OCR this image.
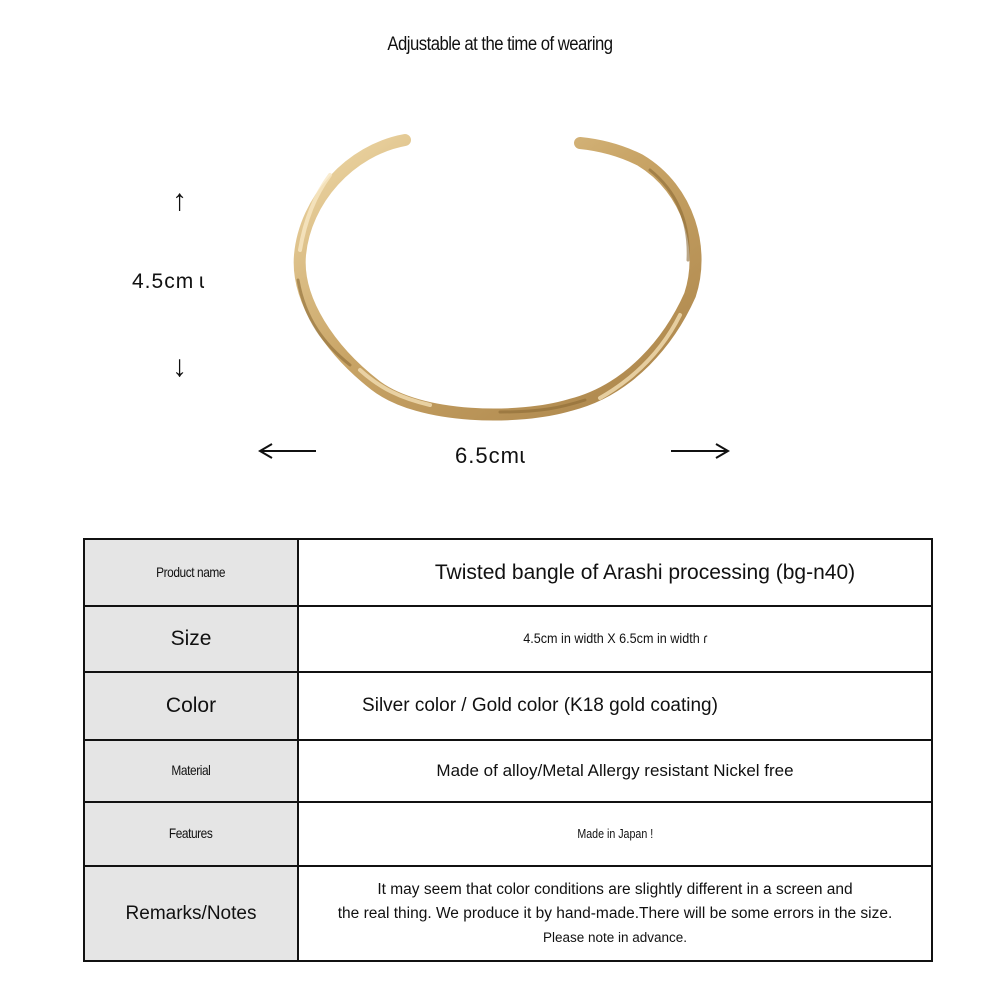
Adjustable at the time of wearing
↑
4.5cm ɩ
↓
6.5cmɩ
Product name	Twisted bangle of Arashi processing (bg-n40)
Size	4.5cm in width X 6.5cm in width ɾ
Color	Silver color / Gold color (K18 gold coating)
Material	Made of alloy/Metal Allergy resistant Nickel free
Features	Made in Japan ǃ
Remarks/Notes	It may seem that color conditions are slightly different in a screen and
the real thing. We produce it by hand-made.There will be some errors in the size.
Please note in advance.
